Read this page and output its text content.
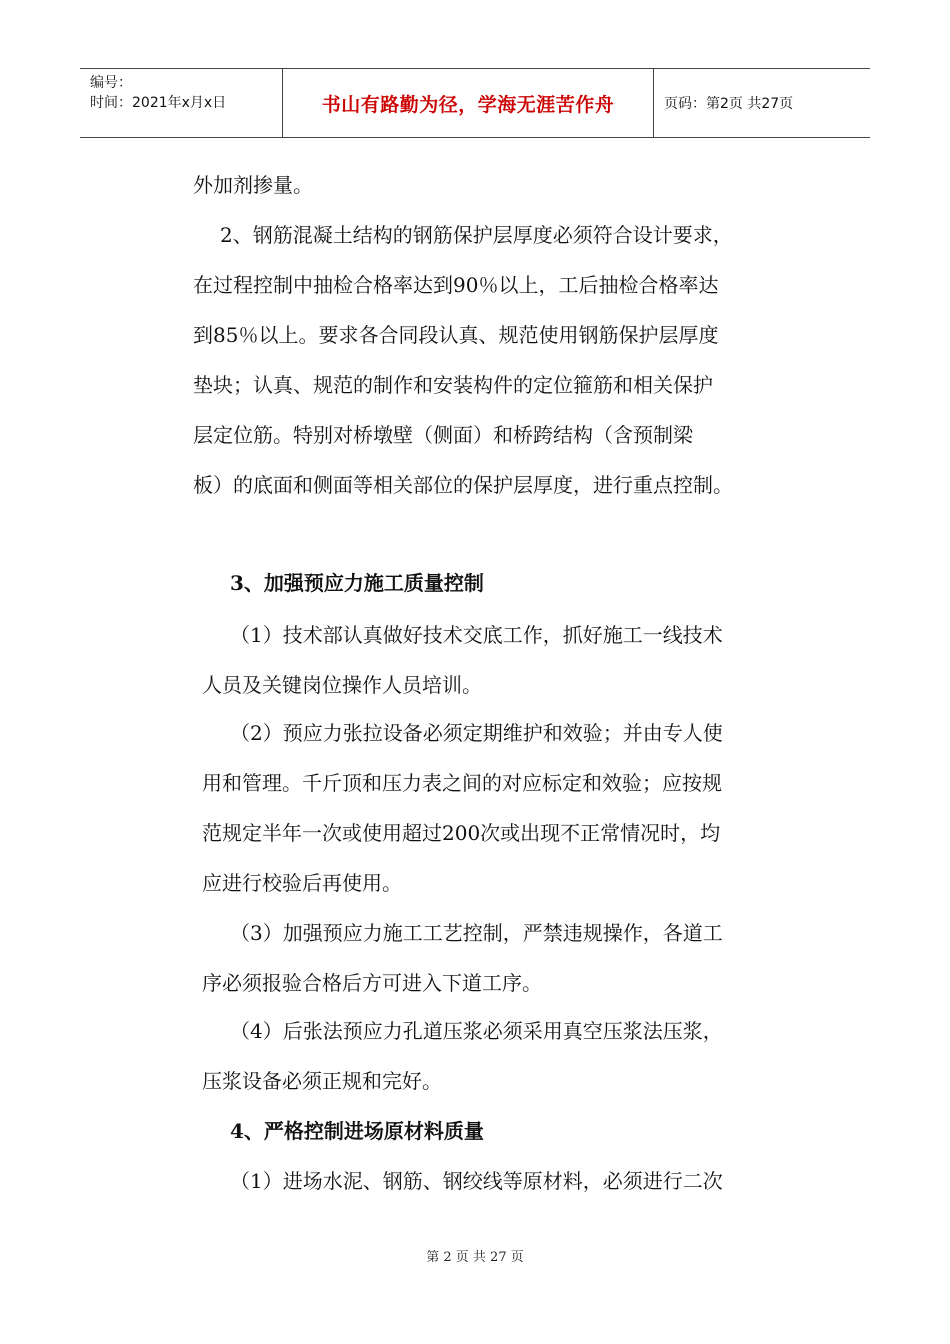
编号：
时间：2021年x月x日	书山有路勤为径，学海无涯苦作舟	页码：第2页 共27页
外加剂掺量。
2、钢筋混凝土结构的钢筋保护层厚度必须符合设计要求，
在过程控制中抽检合格率达到90％以上，工后抽检合格率达
到85％以上。要求各合同段认真、规范使用钢筋保护层厚度
垫块；认真、规范的制作和安装构件的定位箍筋和相关保护
层定位筋。特别对桥墩壁（侧面）和桥跨结构（含预制梁
板）的底面和侧面等相关部位的保护层厚度，进行重点控制。
3、加强预应力施工质量控制
（1）技术部认真做好技术交底工作，抓好施工一线技术
人员及关键岗位操作人员培训。
（2）预应力张拉设备必须定期维护和效验；并由专人使
用和管理。千斤顶和压力表之间的对应标定和效验；应按规
范规定半年一次或使用超过200次或出现不正常情况时，均
应进行校验后再使用。
（3）加强预应力施工工艺控制，严禁违规操作，各道工
序必须报验合格后方可进入下道工序。
（4）后张法预应力孔道压浆必须采用真空压浆法压浆，
压浆设备必须正规和完好。
4、严格控制进场原材料质量
（1）进场水泥、钢筋、钢绞线等原材料，必须进行二次
第 2 页 共 27 页
